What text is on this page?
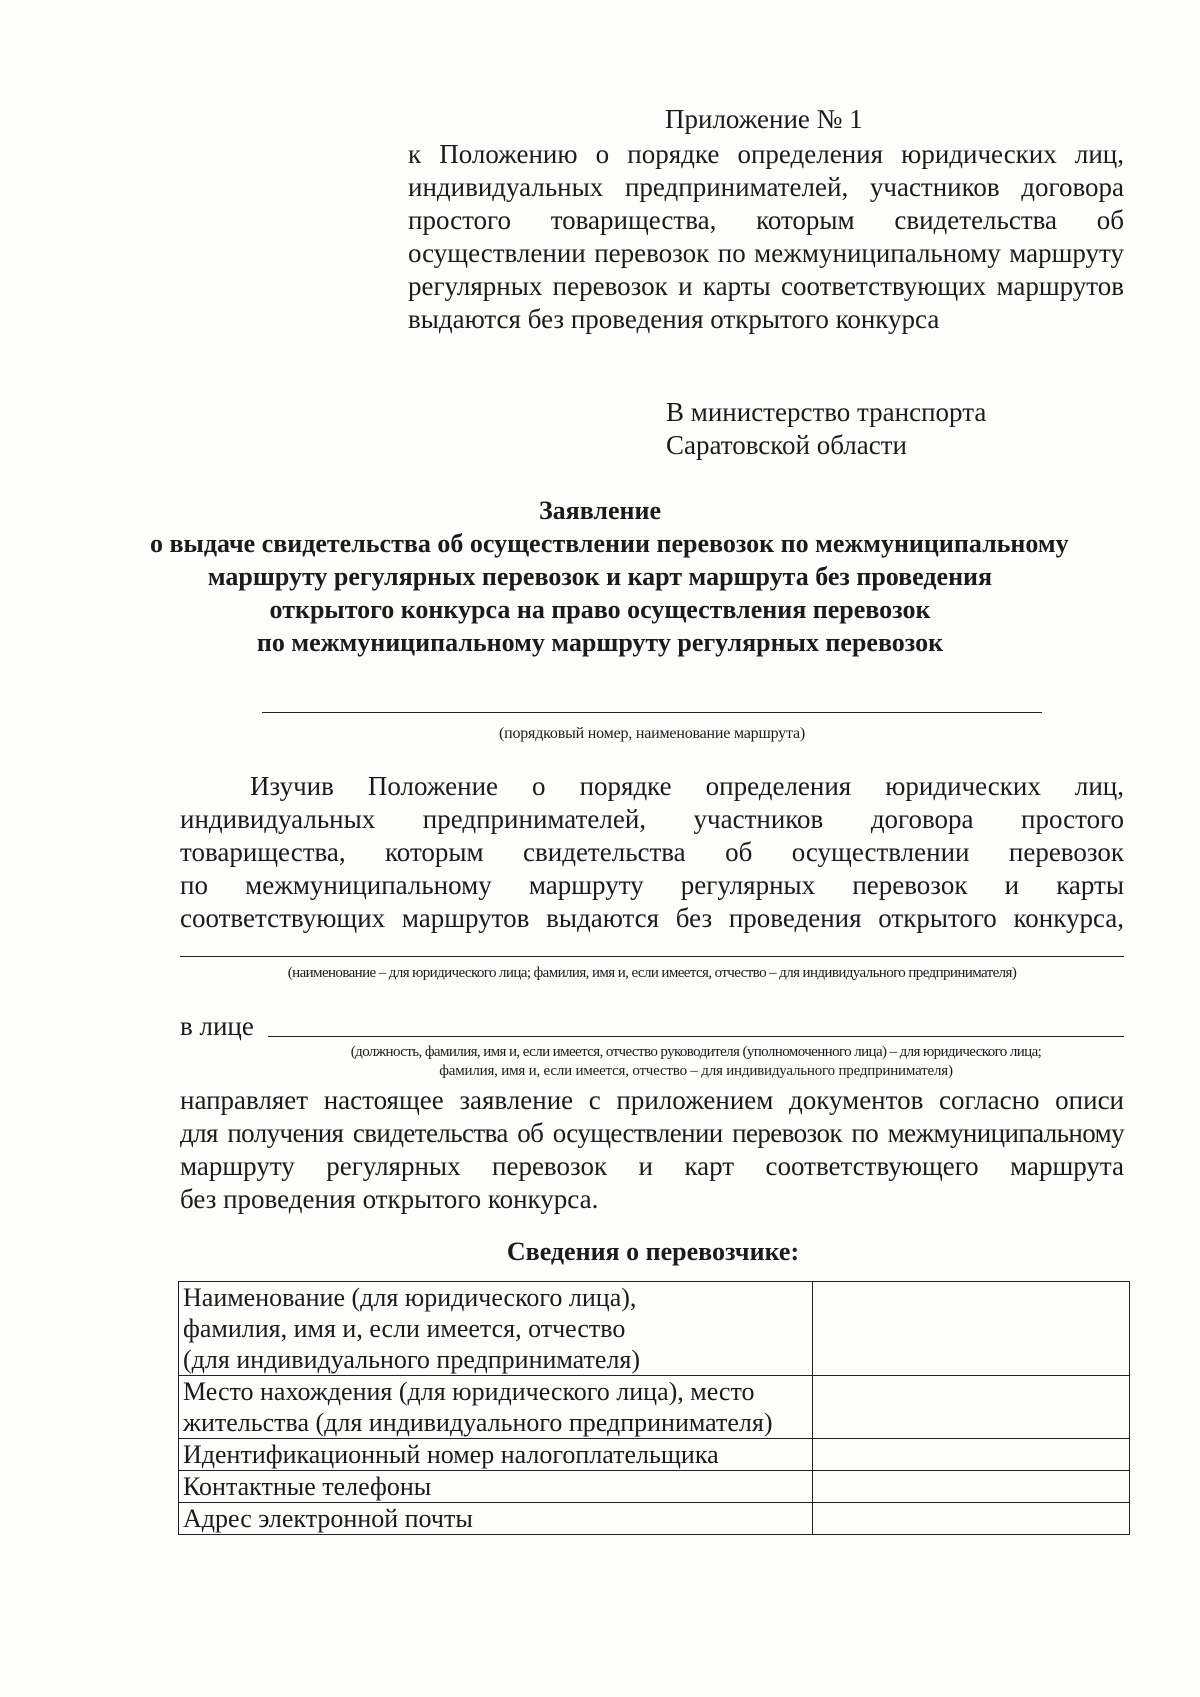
Приложение № 1
к Положению о порядке определения юридических лиц, индивидуальных предпринимателей, участников договора простого товарищества, которым свидетельства об осуществлении перевозок по межмуниципальному маршруту регулярных перевозок и карты соответствующих маршрутов выдаются без проведения открытого конкурса
В министерство транспорта
Саратовской области
Заявление
о выдаче свидетельства об осуществлении перевозок по межмуниципальному
маршруту регулярных перевозок и карт маршрута без проведения
открытого конкурса на право осуществления перевозок
по межмуниципальному маршруту регулярных перевозок
(порядковый номер, наименование маршрута)
Изучив Положение о порядке определения юридических лиц,
индивидуальных предпринимателей, участников договора простого
товарищества, которым свидетельства об осуществлении перевозок
по межмуниципальному маршруту регулярных перевозок и карты
соответствующих маршрутов выдаются без проведения открытого конкурса,
(наименование – для юридического лица; фамилия, имя и, если имеется, отчество – для индивидуального предпринимателя)
в лице
(должность, фамилия, имя и, если имеется, отчество руководителя (уполномоченного лица) – для юридического лица;
фамилия, имя и, если имеется, отчество – для индивидуального предпринимателя)
направляет настоящее заявление с приложением документов согласно описи
для получения свидетельства об осуществлении перевозок по межмуниципальному
маршруту регулярных перевозок и карт соответствующего маршрута
без проведения открытого конкурса.
Сведения о перевозчике:
Наименование (для юридического лица),
фамилия, имя и, если имеется, отчество
(для индивидуального предпринимателя)	

Место нахождения (для юридического лица), место
жительства (для индивидуального предпринимателя)	

Идентификационный номер налогоплательщика	

Контактные телефоны	

Адрес электронной почты	
